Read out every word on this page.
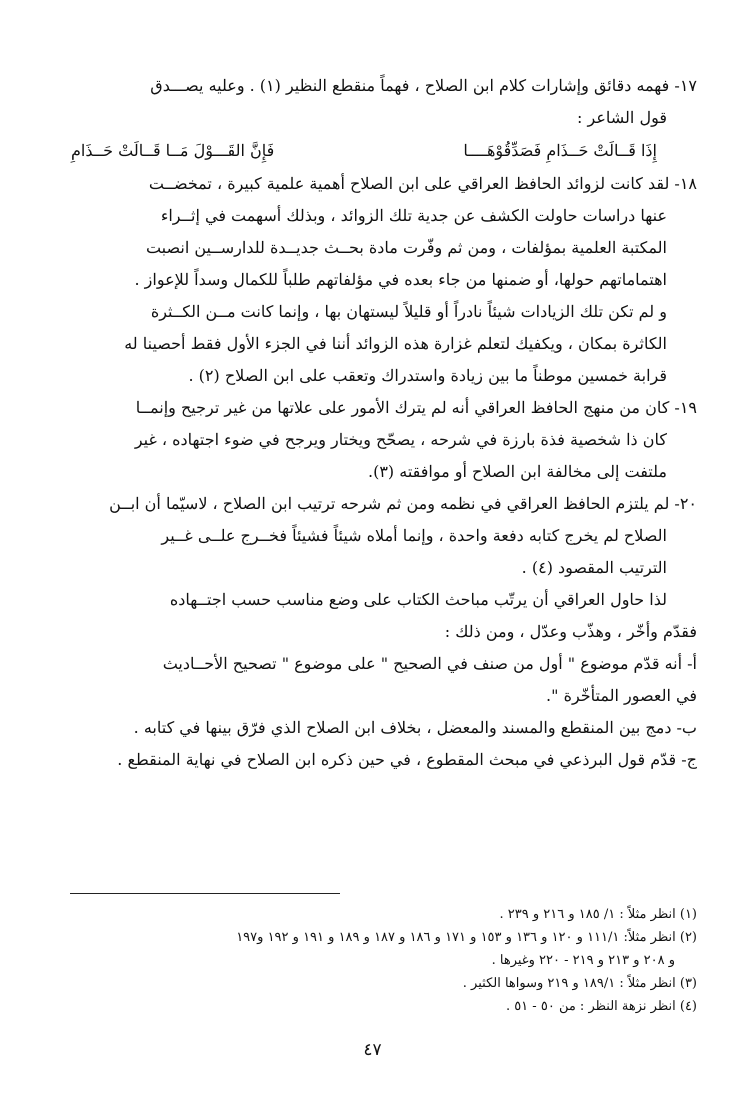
١٧- فهمه دقائق وإشارات كلام ابن الصلاح ، فهماً منقطع النظير (١) . وعليه يصـــدق

قول الشاعر :

إِذَا قَــالَتْ حَــذَامِ فَصَدِّقُوْهَــــا
فَإِنَّ القَـــوْلَ مَــا قَــالَتْ حَــذَامِ

١٨- لقد كانت لزوائد الحافظ العراقي على ابن الصلاح أهمية علمية كبيرة ، تمخضــت

عنها دراسات حاولت الكشف عن جدية تلك الزوائد ، وبذلك أسهمت في إثــراء

المكتبة العلمية بمؤلفات ، ومن ثم وفّرت مادة بحــث جديــدة للدارســين انصبت

اهتماماتهم حولها، أو ضمنها من جاء بعده في مؤلفاتهم طلباً للكمال وسداً للإعواز .

و لم تكن تلك الزيادات شيئاً نادراً أو قليلاً ليستهان بها ، وإنما كانت مــن الكــثرة

الكاثرة بمكان ، ويكفيك لتعلم غزارة هذه الزوائد أننا في الجزء الأول فقط أحصينا له

قرابة خمسين موطناً ما بين زيادة واستدراك وتعقب على ابن الصلاح (٢) .

١٩- كان من منهج الحافظ العراقي أنه لم يترك الأمور على علاتها من غير ترجيح وإنمــا

كان ذا شخصية فذة بارزة في شرحه ، يصحّح ويختار ويرجح في ضوء اجتهاده ، غير

ملتفت إلى مخالفة ابن الصلاح أو موافقته (٣).

٢٠- لم يلتزم الحافظ العراقي في نظمه ومن ثم شرحه ترتيب ابن الصلاح ، لاسيّما أن ابــن

الصلاح لم يخرج كتابه دفعة واحدة ، وإنما أملاه شيئاً فشيئاً فخــرج علــى غــير

الترتيب المقصود (٤) .

لذا حاول العراقي أن يرتّب مباحث الكتاب على وضع مناسب حسب اجتــهاده

فقدّم وأخّر ، وهذّب وعدّل ، ومن ذلك :

أ- أنه قدّم موضوع " أول من صنف في الصحيح " على موضوع " تصحيح الأحــاديث

في العصور المتأخّرة ".

ب- دمج بين المنقطع والمسند والمعضل ، بخلاف ابن الصلاح الذي فرّق بينها في كتابه .

ج- قدّم قول البرذعي في مبحث المقطوع ، في حين ذكره ابن الصلاح في نهاية المنقطع .

(١) انظر مثلاً : ١/ ١٨٥ و ٢١٦ و ٢٣٩ .

(٢) انظر مثلاً: ١١١/١ و ١٢٠ و ١٣٦ و ١٥٣ و ١٧١ و ١٨٦ و ١٨٧ و ١٨٩ و ١٩١ و ١٩٢ و١٩٧

و ٢٠٨ و ٢١٣ و ٢١٩ - ٢٢٠ وغيرها .

(٣) انظر مثلاً : ١٨٩/١ و ٢١٩ وسواها الكثير .

(٤) انظر نزهة النظر : من ٥٠ - ٥١ .

٤٧
